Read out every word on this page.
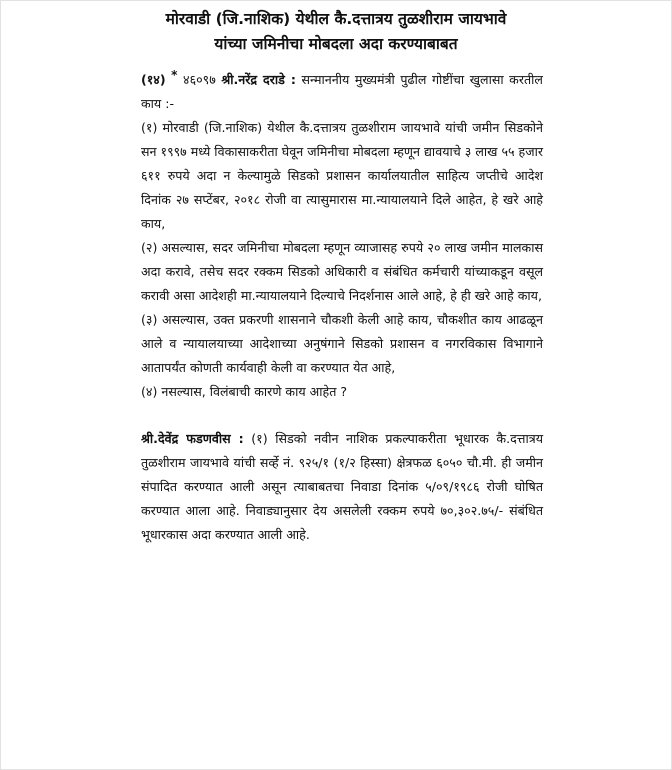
मोरवाडी (जि.नाशिक) येथील कै.दत्तात्रय तुळशीराम जायभावे
यांच्या जमिनीचा मोबदला अदा करण्याबाबत

(१४) * ४६०९७ श्री.नरेंद्र दराडे : सन्माननीय मुख्यमंत्री पुढील गोष्टींचा खुलासा करतील काय :-

(१) मोरवाडी (जि.नाशिक) येथील कै.दत्तात्रय तुळशीराम जायभावे यांची जमीन सिडकोने सन १९९७ मध्ये विकासाकरीता घेवून जमिनीचा मोबदला म्हणून द्यावयाचे ३ लाख ५५ हजार ६११ रुपये अदा न केल्यामुळे सिडको प्रशासन कार्यालयातील साहित्य जप्तीचे आदेश दिनांक २७ सप्टेंबर, २०१८ रोजी वा त्यासुमारास मा.न्यायालयाने दिले आहेत, हे खरे आहे काय,

(२) असल्यास, सदर जमिनीचा मोबदला म्हणून व्याजासह रुपये २० लाख जमीन मालकास अदा करावे, तसेच सदर रक्कम सिडको अधिकारी व संबंधित कर्मचारी यांच्याकडून वसूल करावी असा आदेशही मा.न्यायालयाने दिल्याचे निदर्शनास आले आहे, हे ही खरे आहे काय,

(३) असल्यास, उक्त प्रकरणी शासनाने चौकशी केली आहे काय, चौकशीत काय आढळून आले व न्यायालयाच्या आदेशाच्या अनुषंगाने सिडको प्रशासन व नगरविकास विभागाने आतापर्यंत कोणती कार्यवाही केली वा करण्यात येत आहे,

(४) नसल्यास, विलंबाची कारणे काय आहेत ?

श्री.देवेंद्र फडणवीस : (१) सिडको नवीन नाशिक प्रकल्पाकरीता भूधारक कै.दत्तात्रय तुळशीराम जायभावे यांची सर्व्हे नं. ९२५/१ (१/२ हिस्सा) क्षेत्रफळ ६०५० चौ.मी. ही जमीन संपादित करण्यात आली असून त्याबाबतचा निवाडा दिनांक ५/०९/१९८६ रोजी घोषित करण्यात आला आहे. निवाड्यानुसार देय असलेली रक्कम रुपये ७०,३०२.७५/- संबंधित भूधारकास अदा करण्यात आली आहे.
